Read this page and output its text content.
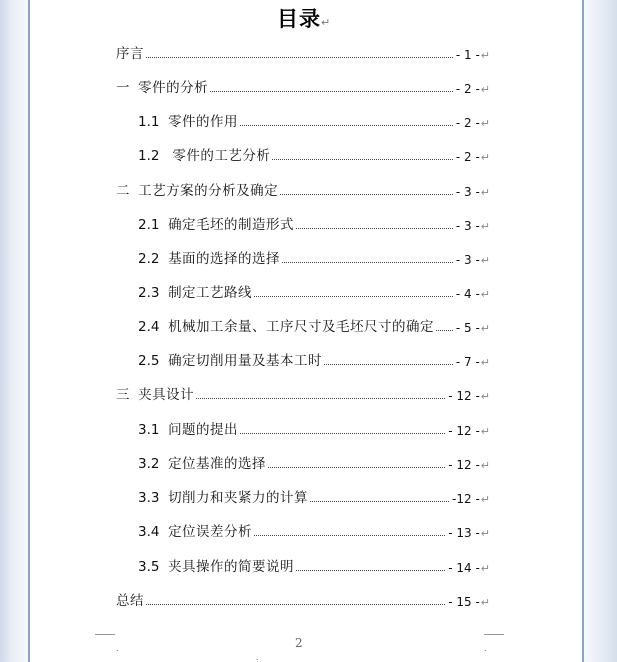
目录↵
序言	- 1 - ↵
一 零件的分析	- 2 - ↵
1.1 零件的作用	- 2 - ↵
1.2 零件的工艺分析	- 2 - ↵
二 工艺方案的分析及确定	- 3 - ↵
2.1 确定毛坯的制造形式	- 3 - ↵
2.2 基面的选择的选择	- 3 - ↵
2.3 制定工艺路线	- 4 - ↵
2.4 机械加工余量、工序尺寸及毛坯尺寸的确定 - 5 - ↵
2.5 确定切削用量及基本工时	- 7 - ↵
三 夹具设计	- 12 - ↵
3.1 问题的提出	- 12 - ↵
3.2 定位基准的选择	- 12 - ↵
3.3 切削力和夹紧力的计算	-12 - ↵
3.4 定位误差分析	- 13 - ↵
3.5 夹具操作的简要说明	- 14 - ↵
总结	- 15 - ↵
.
.
.
2
